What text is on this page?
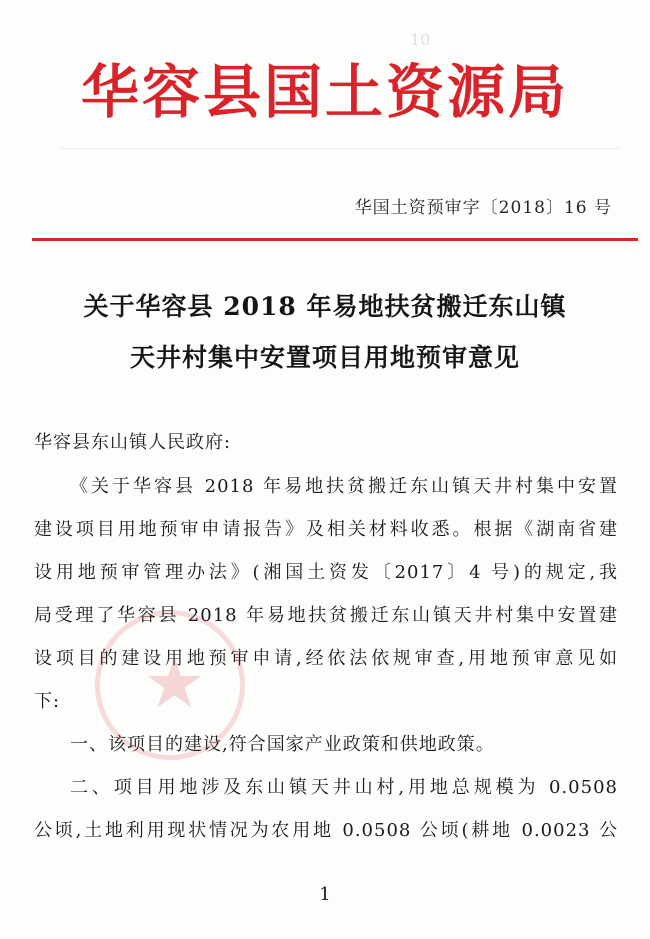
10
华容县国土资源局
华国土资预审字〔2018〕16 号
关于华容县 2018 年易地扶贫搬迁东山镇
天井村集中安置项目用地预审意见
华容县东山镇人民政府:
★
《关于华容县 2018 年易地扶贫搬迁东山镇天井村集中安置
建设项目用地预审申请报告》及相关材料收悉。根据《湖南省建
设用地预审管理办法》(湘国土资发〔2017〕4 号)的规定,我
局受理了华容县 2018 年易地扶贫搬迁东山镇天井村集中安置建
设项目的建设用地预审申请,经依法依规审查,用地预审意见如
下:
一、该项目的建设,符合国家产业政策和供地政策。
二、项目用地涉及东山镇天井山村,用地总规模为 0.0508
公顷,土地利用现状情况为农用地 0.0508 公顷(耕地 0.0023 公
1
